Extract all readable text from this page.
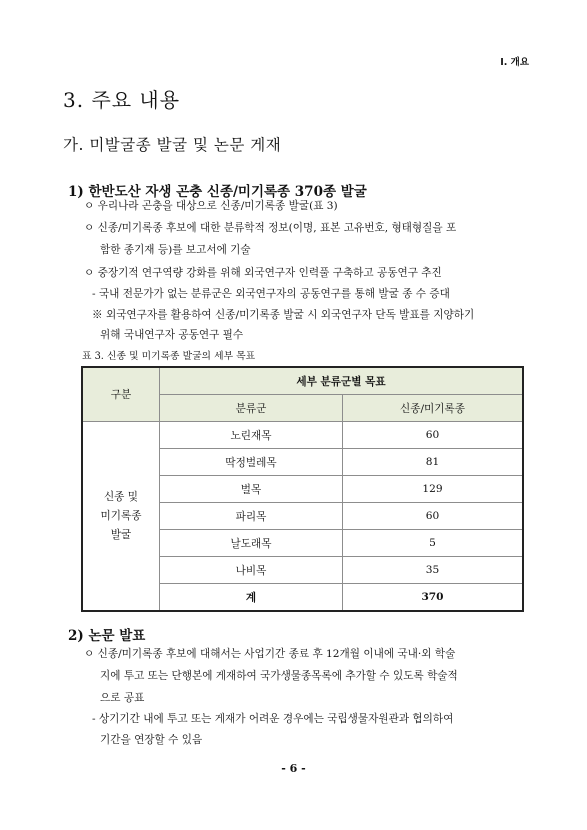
I. 개요
3. 주요 내용
가. 미발굴종 발굴 및 논문 게재
1) 한반도산 자생 곤충 신종/미기록종 370종 발굴
ㅇ 우리나라 곤충을 대상으로 신종/미기록종 발굴(표 3)
ㅇ 신종/미기록종 후보에 대한 분류학적 정보(이명, 표본 고유번호, 형태형질을 포
함한 종기재 등)를 보고서에 기술
ㅇ 중장기적 연구역량 강화를 위해 외국연구자 인력풀 구축하고 공동연구 추진
- 국내 전문가가 없는 분류군은 외국연구자의 공동연구를 통해 발굴 종 수 증대
※ 외국연구자를 활용하여 신종/미기록종 발굴 시 외국연구자 단독 발표를 지양하기
위해 국내연구자 공동연구 필수
표 3. 신종 및 미기록종 발굴의 세부 목표
구분	세부 분류군별 목표	
	분류군	신종/미기록종
신종 및
미기록종
발굴	노린재목	60
	딱정벌레목	81
	벌목	129
	파리목	60
	날도래목	5
	나비목	35
	계	370
2) 논문 발표
ㅇ 신종/미기록종 후보에 대해서는 사업기간 종료 후 12개월 이내에 국내·외 학술
지에 투고 또는 단행본에 게재하여 국가생물종목록에 추가할 수 있도록 학술적
으로 공표
- 상기기간 내에 투고 또는 게재가 어려운 경우에는 국립생물자원관과 협의하여
기간을 연장할 수 있음
- 6 -
